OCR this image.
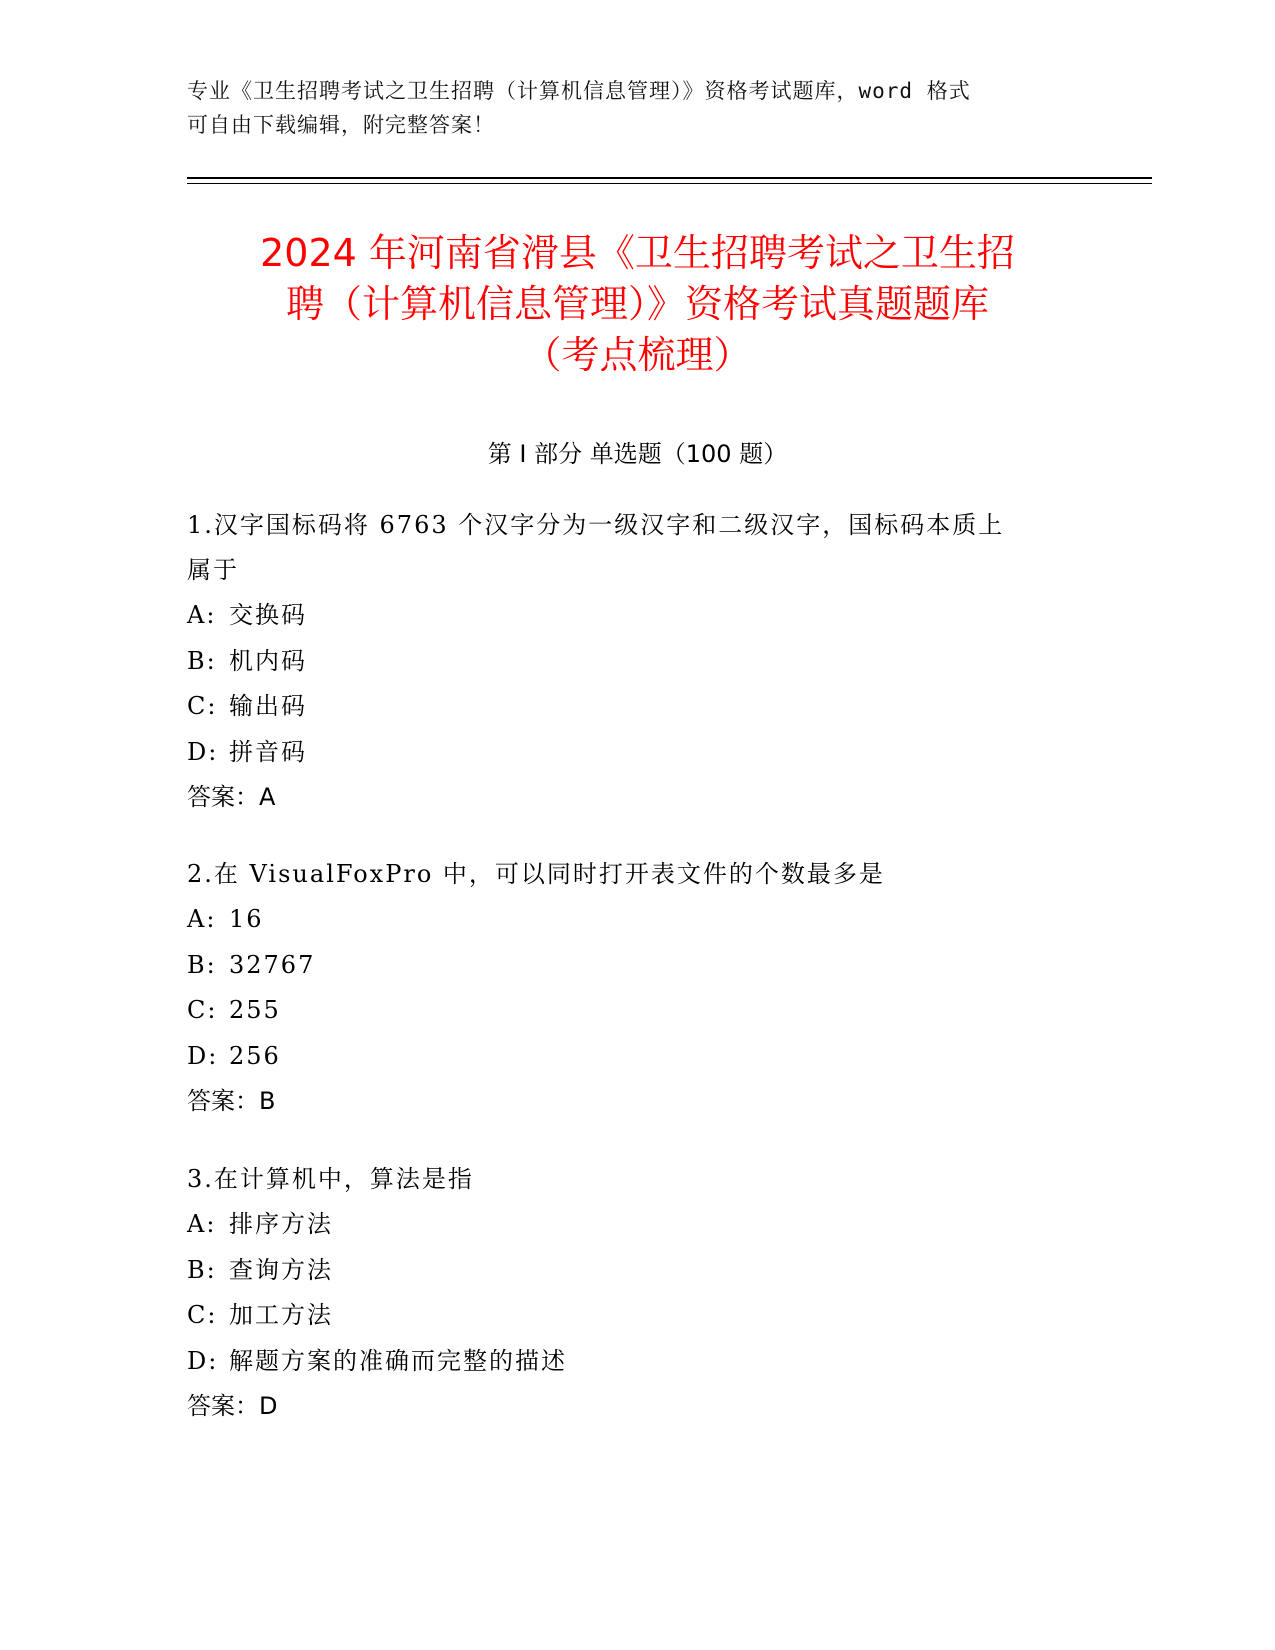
专业《卫生招聘考试之卫生招聘（计算机信息管理）》资格考试题库，word 格式
可自由下载编辑，附完整答案！
2024 年河南省滑县《卫生招聘考试之卫生招
聘（计算机信息管理）》资格考试真题题库
（考点梳理）
第 I 部分 单选题（100 题）
1.汉字国标码将 6763 个汉字分为一级汉字和二级汉字，国标码本质上
属于
A: 交换码
B: 机内码
C: 输出码
D: 拼音码
答案：A
2.在 VisualFoxPro 中，可以同时打开表文件的个数最多是
A: 16
B: 32767
C: 255
D: 256
答案：B
3.在计算机中，算法是指
A: 排序方法
B: 查询方法
C: 加工方法
D: 解题方案的准确而完整的描述
答案：D
